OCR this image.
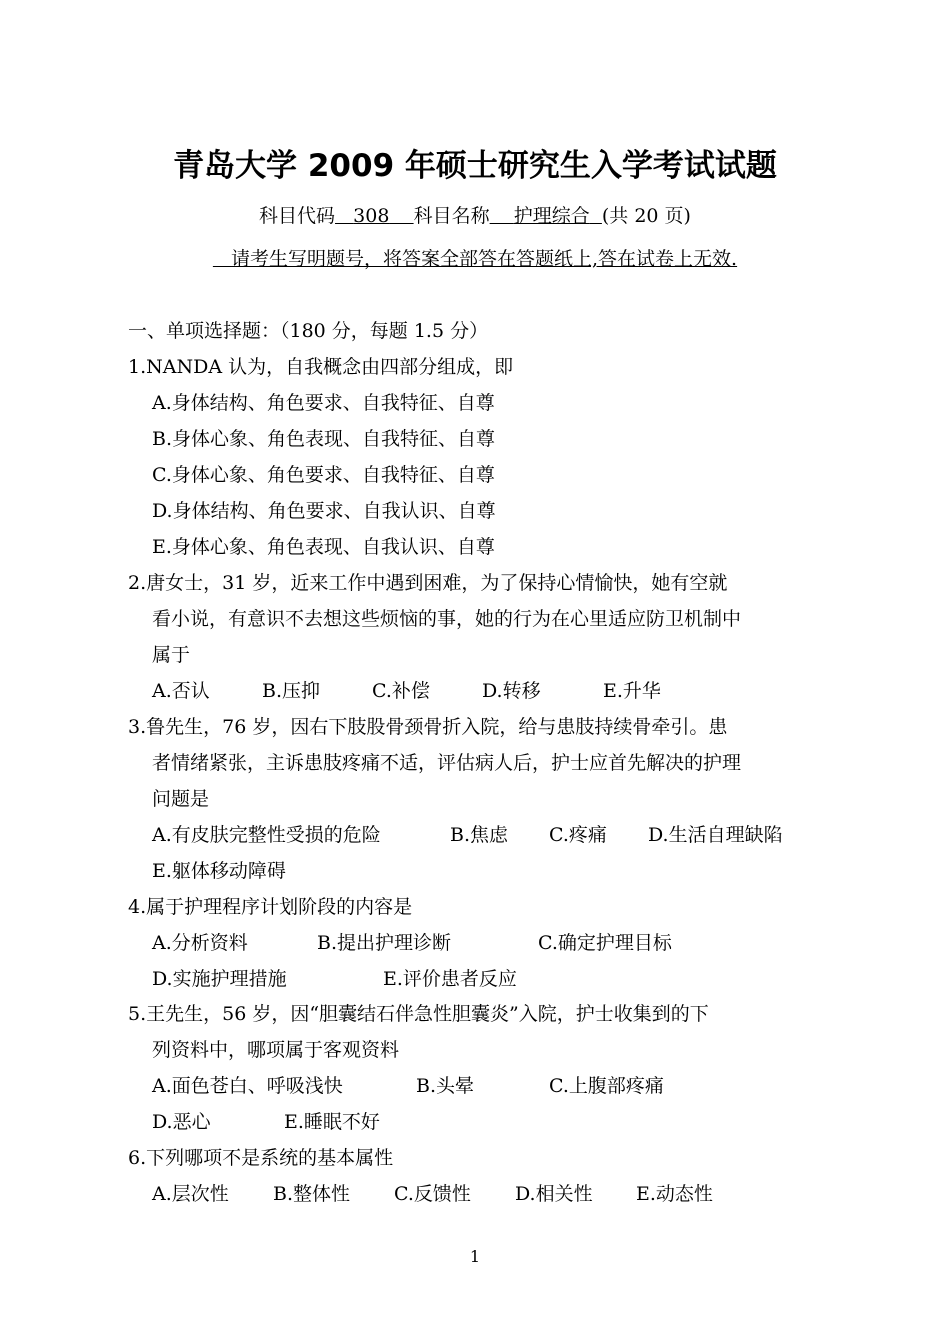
青岛大学 2009 年硕士研究生入学考试试题
科目代码 308 科目名称 护理综合 (共 20 页)
请考生写明题号，将答案全部答在答题纸上,答在试卷上无效.
一、单项选择题：（180 分，每题 1.5 分）
1.NANDA 认为，自我概念由四部分组成，即
A.身体结构、角色要求、自我特征、自尊
B.身体心象、角色表现、自我特征、自尊
C.身体心象、角色要求、自我特征、自尊
D.身体结构、角色要求、自我认识、自尊
E.身体心象、角色表现、自我认识、自尊
2.唐女士，31 岁，近来工作中遇到困难，为了保持心情愉快，她有空就
看小说，有意识不去想这些烦恼的事，她的行为在心里适应防卫机制中
属于
A.否认	B.压抑	C.补偿	D.转移	E.升华
3.鲁先生，76 岁，因右下肢股骨颈骨折入院，给与患肢持续骨牵引。患
者情绪紧张，主诉患肢疼痛不适，评估病人后，护士应首先解决的护理
问题是
A.有皮肤完整性受损的危险	B.焦虑 C.疼痛 D.生活自理缺陷
E.躯体移动障碍
4.属于护理程序计划阶段的内容是
A.分析资料	B.提出护理诊断	C.确定护理目标
D.实施护理措施	E.评价患者反应
5.王先生，56 岁，因“胆囊结石伴急性胆囊炎”入院，护士收集到的下
列资料中，哪项属于客观资料
A.面色苍白、呼吸浅快	B.头晕	C.上腹部疼痛
D.恶心	E.睡眠不好
6.下列哪项不是系统的基本属性
A.层次性 B.整体性 C.反馈性 D.相关性 E.动态性
1
